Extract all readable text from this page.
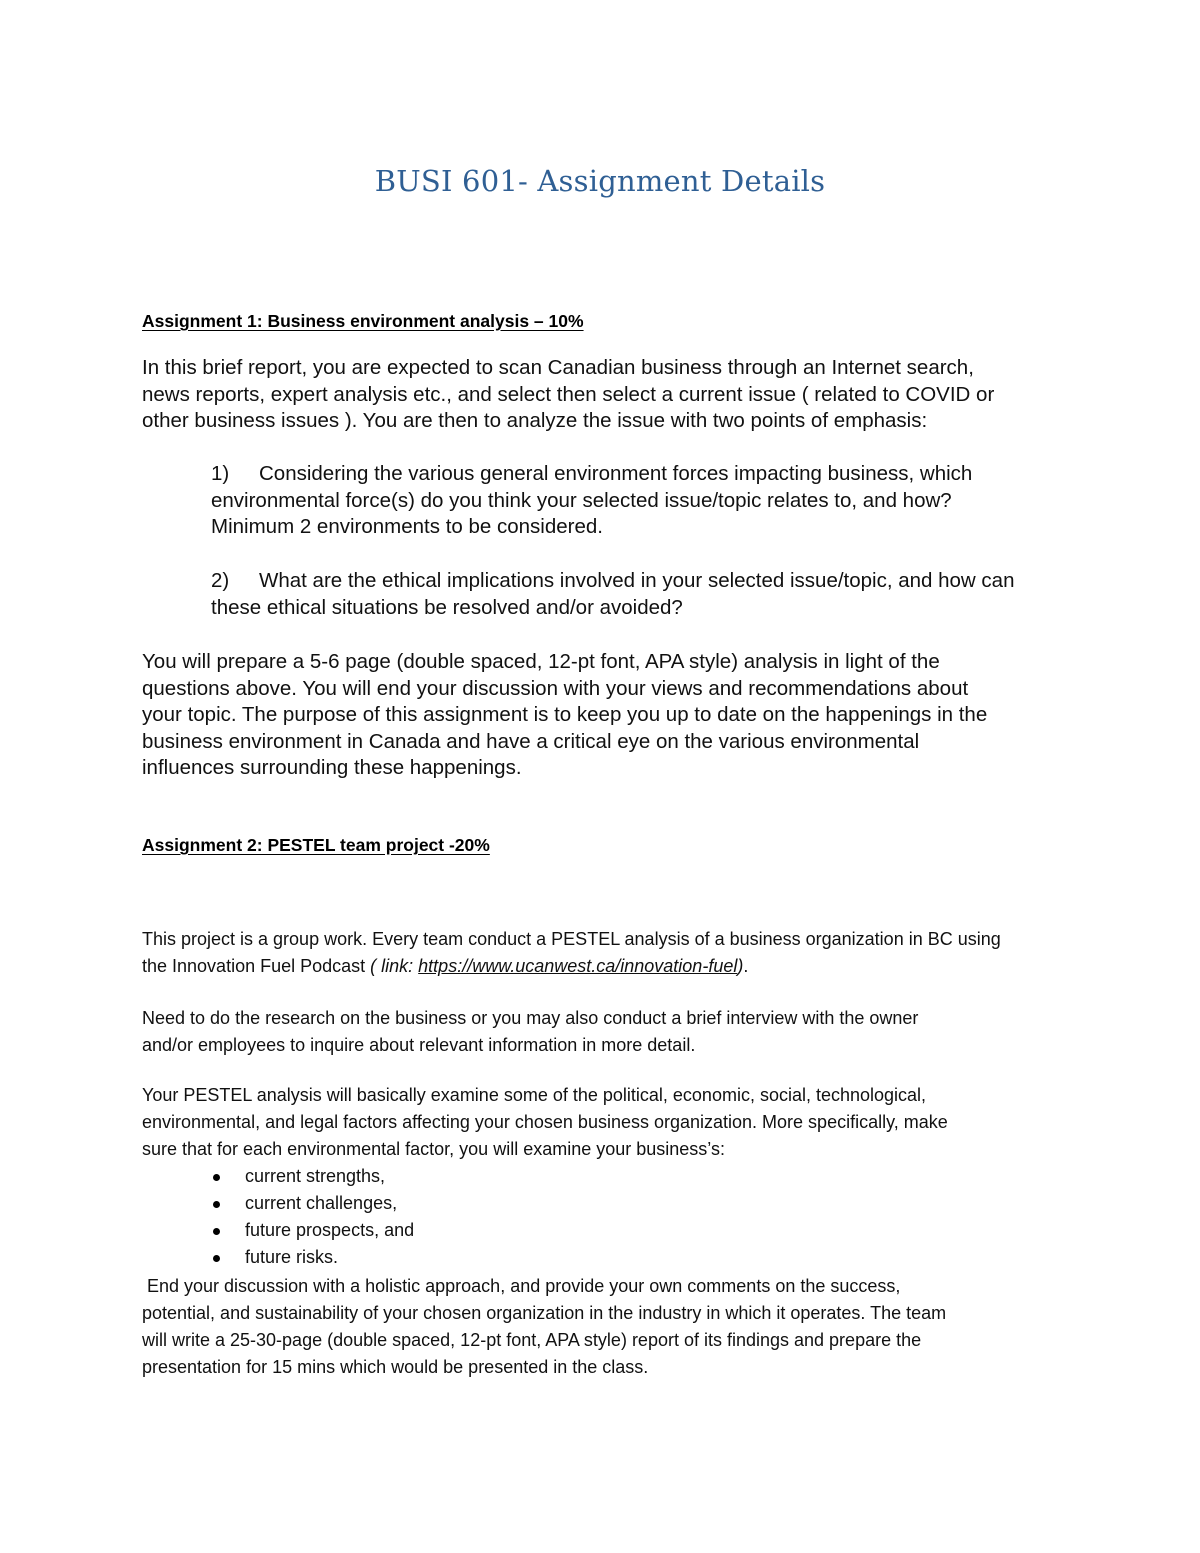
BUSI 601- Assignment Details
Assignment 1: Business environment analysis – 10%

In this brief report, you are expected to scan Canadian business through an Internet search,
news reports, expert analysis etc., and select then select a current issue ( related to COVID or
other business issues ). You are then to analyze the issue with two points of emphasis:

1) Considering the various general environment forces impacting business, which
environmental force(s) do you think your selected issue/topic relates to, and how?
Minimum 2 environments to be considered.
2) What are the ethical implications involved in your selected issue/topic, and how can
these ethical situations be resolved and/or avoided?

You will prepare a 5-6 page (double spaced, 12-pt font, APA style) analysis in light of the
questions above. You will end your discussion with your views and recommendations about
your topic. The purpose of this assignment is to keep you up to date on the happenings in the
business environment in Canada and have a critical eye on the various environmental
influences surrounding these happenings.

Assignment 2: PESTEL team project -20%

This project is a group work. Every team conduct a PESTEL analysis of a business organization in BC using
the Innovation Fuel Podcast ( link: https://www.ucanwest.ca/innovation-fuel).

Need to do the research on the business or you may also conduct a brief interview with the owner
and/or employees to inquire about relevant information in more detail.

Your PESTEL analysis will basically examine some of the political, economic, social, technological,
environmental, and legal factors affecting your chosen business organization. More specifically, make
sure that for each environmental factor, you will examine your business’s:

current strengths,
current challenges,
future prospects, and
future risks.

End your discussion with a holistic approach, and provide your own comments on the success,
potential, and sustainability of your chosen organization in the industry in which it operates. The team
will write a 25-30-page (double spaced, 12-pt font, APA style) report of its findings and prepare the
presentation for 15 mins which would be presented in the class.
